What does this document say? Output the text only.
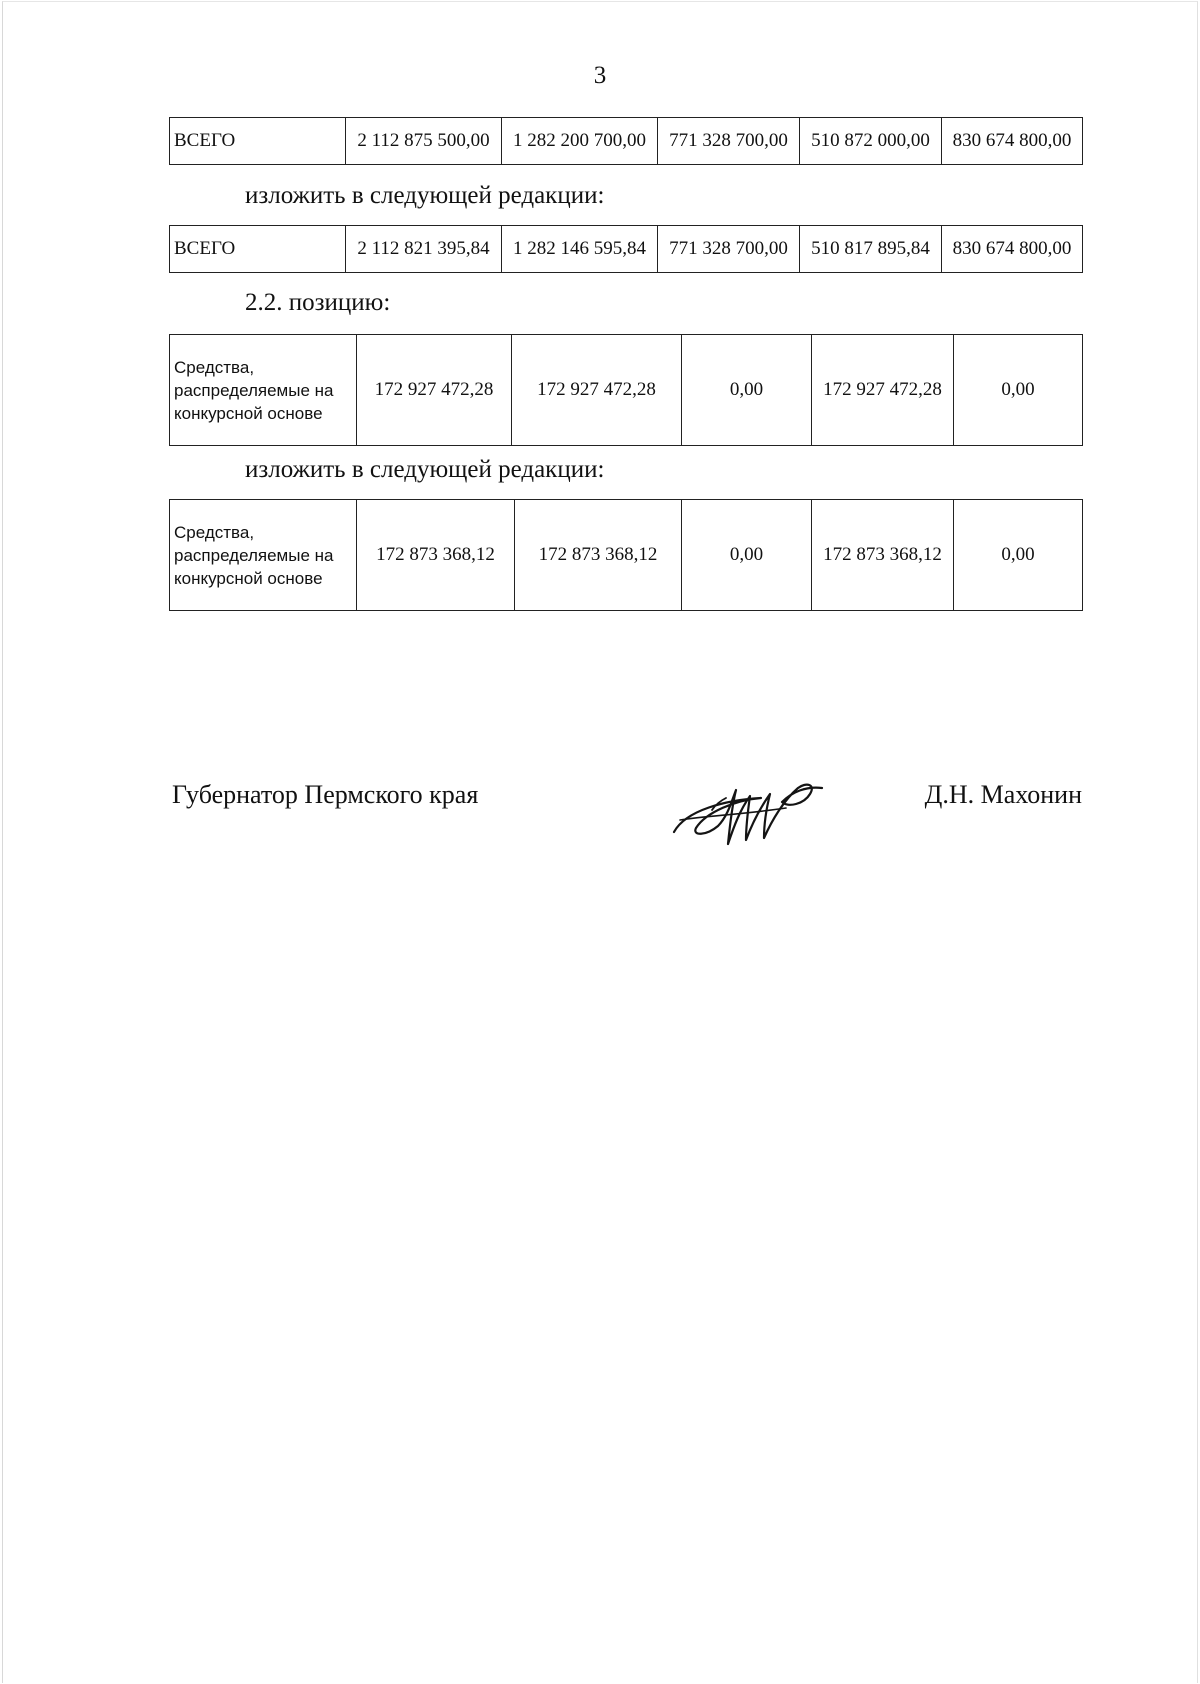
3
ВСЕГО	2 112 875 500,00	1 282 200 700,00	771 328 700,00	510 872 000,00	830 674 800,00
изложить в следующей редакции:
ВСЕГО	2 112 821 395,84	1 282 146 595,84	771 328 700,00	510 817 895,84	830 674 800,00
2.2. позицию:
Средства, распределяемые на конкурсной основе	172 927 472,28	172 927 472,28	0,00	172 927 472,28	0,00
изложить в следующей редакции:
Средства, распределяемые на конкурсной основе	172 873 368,12	172 873 368,12	0,00	172 873 368,12	0,00
Губернатор Пермского края	Д.Н. Махонин
